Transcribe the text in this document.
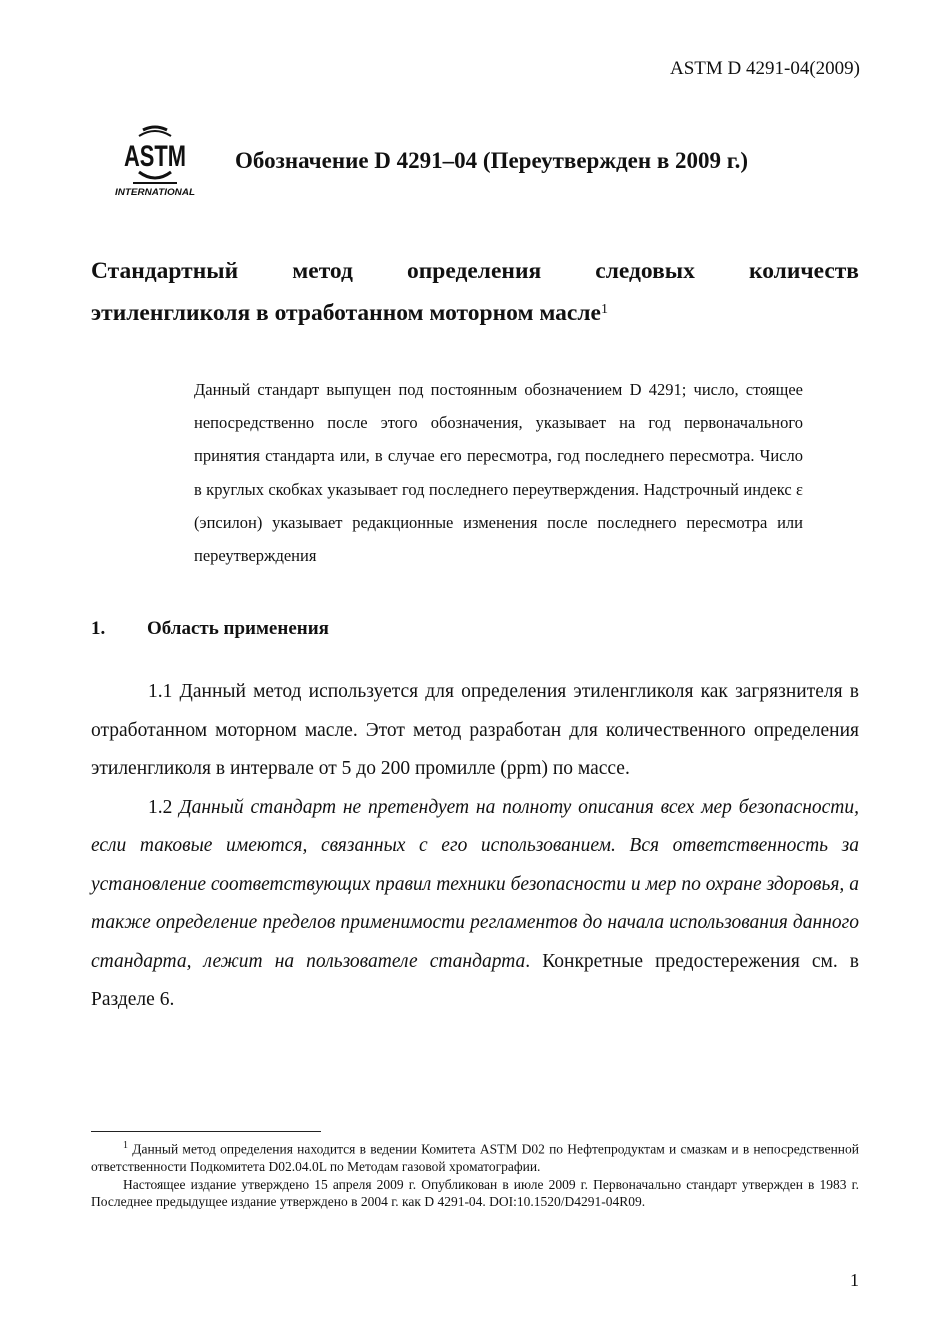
ASTM D 4291-04(2009)
ASTM
INTERNATIONAL
Обозначение D 4291–04 (Переутвержден в 2009 г.)
Стандартный метод определения следовых количеств
этиленгликоля в отработанном моторном масле$^1$
Данный стандарт выпущен под постоянным обозначением D 4291; число, стоящее непосредственно после этого обозначения, указывает на год первоначального принятия стандарта или, в случае его пересмотра, год последнего пересмотра. Число в круглых скобках указывает год последнего переутверждения. Надстрочный индекс ε (эпсилон) указывает редакционные изменения после последнего пересмотра или переутверждения
1. Область применения

1.1 Данный метод используется для определения этиленгликоля как загрязнителя в отработанном моторном масле. Этот метод разработан для количественного определения этиленгликоля в интервале от 5 до 200 промилле (ppm) по массе.

1.2 Данный стандарт не претендует на полноту описания всех мер безопасности, если таковые имеются, связанных с его использованием. Вся ответственность за установление соответствующих правил техники безопасности и мер по охране здоровья, а также определение пределов применимости регламентов до начала использования данного стандарта, лежит на пользователе стандарта. Конкретные предостережения см. в Разделе 6.

$^1$ Данный метод определения находится в ведении Комитета ASTM D02 по Нефтепродуктам и смазкам и в непосредственной ответственности Подкомитета D02.04.0L по Методам газовой хроматографии.

Настоящее издание утверждено 15 апреля 2009 г. Опубликован в июле 2009 г. Первоначально стандарт утвержден в 1983 г. Последнее предыдущее издание утверждено в 2004 г. как D 4291-04. DOI:10.1520/D4291-04R09.

1
